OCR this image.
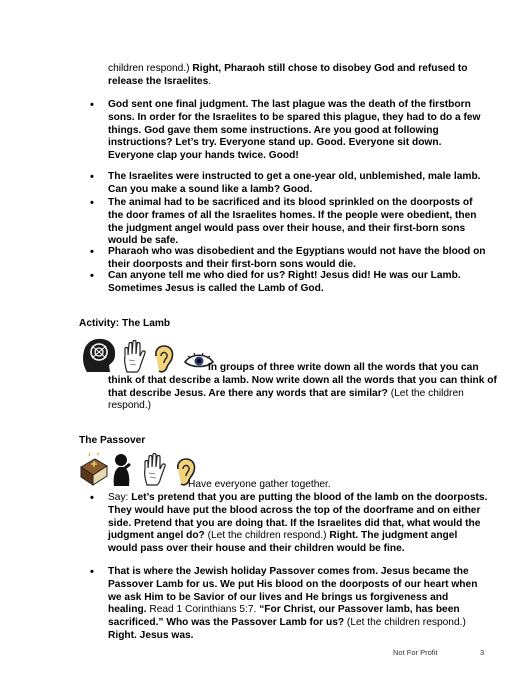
children respond.) Right, Pharaoh still chose to disobey God and refused to release the Israelites.
• God sent one final judgment. The last plague was the death of the firstborn sons. In order for the Israelites to be spared this plague, they had to do a few things. God gave them some instructions. Are you good at following instructions? Let’s try. Everyone stand up. Good. Everyone sit down. Everyone clap your hands twice. Good!
• The Israelites were instructed to get a one-year old, unblemished, male lamb. Can you make a sound like a lamb? Good.
• The animal had to be sacrificed and its blood sprinkled on the doorposts of the door frames of all the Israelites homes. If the people were obedient, then the judgment angel would pass over their house, and their first-born sons would be safe.
• Pharaoh who was disobedient and the Egyptians would not have the blood on their doorposts and their first-born sons would die.
• Can anyone tell me who died for us? Right! Jesus did! He was our Lamb. Sometimes Jesus is called the Lamb of God.
Activity: The Lamb
In groups of three write down all the words that you can think of that describe a lamb. Now write down all the words that you can think of that describe Jesus. Are there any words that are similar? (Let the children respond.)
The Passover
Have everyone gather together.
• Say: Let’s pretend that you are putting the blood of the lamb on the doorposts. They would have put the blood across the top of the doorframe and on either side. Pretend that you are doing that. If the Israelites did that, what would the judgment angel do? (Let the children respond.) Right. The judgment angel would pass over their house and their children would be fine.
• That is where the Jewish holiday Passover comes from. Jesus became the Passover Lamb for us. We put His blood on the doorposts of our heart when we ask Him to be Savior of our lives and He brings us forgiveness and healing. Read 1 Corinthians 5:7. “For Christ, our Passover lamb, has been sacrificed.” Who was the Passover Lamb for us? (Let the children respond.) Right. Jesus was.
Not For Profit	3
